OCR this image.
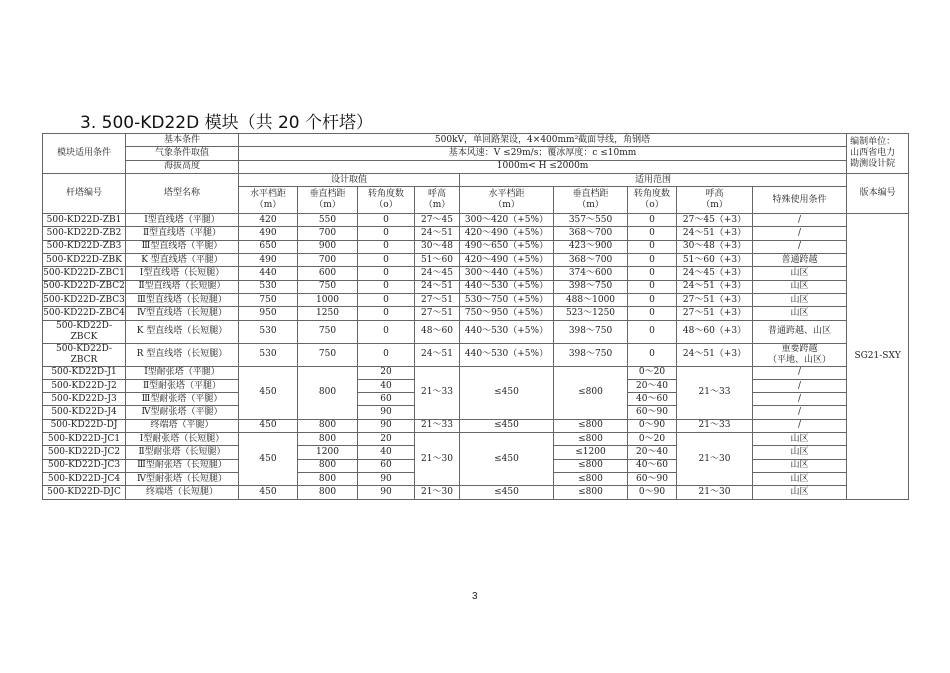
3. 500-KD22D 模块（共 20 个杆塔）
模块适用条件	基本条件	500kV，单回路架设，4×400mm²截面导线，角钢塔									编制单位：
山西省电力
勘测设计院
	气象条件取值	基本风速：V ≤29m/s；覆冰厚度：c ≤10mm									
	海拔高度	1000m< H ≤2000m									
杆塔编号	塔型名称	设计取值				适用范围					版本编号
		水平档距
（m）	垂直档距
（m）	转角度数
（o）	呼高
（m）	水平档距
（m）	垂直档距
（m）	转角度数
（o）	呼高
（m）	特殊使用条件	
500-KD22D-ZB1	Ⅰ型直线塔（平腿）	420	550	0	27～45	300～420（+5%）	357～550	0	27～45（+3）	/	SG21-SXY
500-KD22D-ZB2	Ⅱ型直线塔（平腿）	490	700	0	24～51	420～490（+5%）	368～700	0	24～51（+3）	/	
500-KD22D-ZB3	Ⅲ型直线塔（平腿）	650	900	0	30～48	490～650（+5%）	423～900	0	30～48（+3）	/	
500-KD22D-ZBK	K 型直线塔（平腿）	490	700	0	51～60	420～490（+5%）	368～700	0	51～60（+3）	普通跨越	
500-KD22D-ZBC1	Ⅰ型直线塔（长短腿）	440	600	0	24～45	300～440（+5%）	374～600	0	24～45（+3）	山区	
500-KD22D-ZBC2	Ⅱ型直线塔（长短腿）	530	750	0	24～51	440～530（+5%）	398～750	0	24～51（+3）	山区	
500-KD22D-ZBC3	Ⅲ型直线塔（长短腿）	750	1000	0	27～51	530～750（+5%）	488～1000	0	27～51（+3）	山区	
500-KD22D-ZBC4	Ⅳ型直线塔（长短腿）	950	1250	0	27～51	750～950（+5%）	523～1250	0	27～51（+3）	山区	
500-KD22D-ZBCK	K 型直线塔（长短腿）	530	750	0	48～60	440～530（+5%）	398～750	0	48～60（+3）	普通跨越、山区	
500-KD22D-ZBCR	R 型直线塔（长短腿）	530	750	0	24～51	440～530（+5%）	398～750	0	24～51（+3）	重要跨越
（平地、山区）	
500-KD22D-J1	Ⅰ型耐张塔（平腿）	450	800	20	21～33	≤450	≤800	0～20	21～33	/	
500-KD22D-J2	Ⅱ型耐张塔（平腿）			40				20～40		/	
500-KD22D-J3	Ⅲ型耐张塔（平腿）			60				40～60		/	
500-KD22D-J4	Ⅳ型耐张塔（平腿）			90				60～90		/	
500-KD22D-DJ	终端塔（平腿）	450	800	90	21～33	≤450	≤800	0～90	21～33	/	
500-KD22D-JC1	Ⅰ型耐张塔（长短腿）	450	800	20	21～30	≤450	≤800	0～20	21～30	山区	
500-KD22D-JC2	Ⅱ型耐张塔（长短腿）		1200	40			≤1200	20～40		山区	
500-KD22D-JC3	Ⅲ型耐张塔（长短腿）		800	60			≤800	40～60		山区	
500-KD22D-JC4	Ⅳ型耐张塔（长短腿）		800	90			≤800	60～90		山区	
500-KD22D-DJC	终端塔（长短腿）	450	800	90	21～30	≤450	≤800	0～90	21～30	山区	
3
